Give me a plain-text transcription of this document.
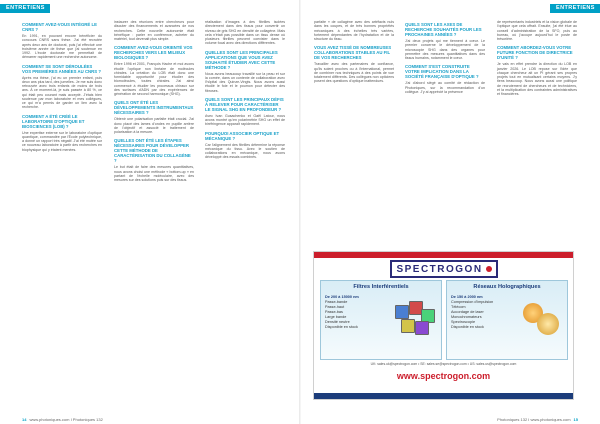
ENTRETIENS	ENTRETIENS
COMMENT AVEZ-VOUS INTÉGRÉ LE CNRS ?

En 1991, en pouvant encore bénéficier du concours CNRS sans thèse. J'ai été recrutée après deux ans de doctorat, puis j'ai effectué une troisième année de thèse que j'ai soutenue en 1992. L'école doctorale me permettait de démarrer rapidement une recherche autonome.

COMMENT SE SONT DÉROULÉES VOS PREMIÈRES ANNÉES AU CNRS ?

Après ma thèse, j'ai eu un premier enfant, puis deux ans plus tard, des jumelles. Je me suis donc retrouvée avec trois enfants de moins de trois ans. À ce moment-là, je suis passée à 80 %, ce qui était peu courant mais accepté. J'étais bien soutenue par mon laboratoire et mes collègues, ce qui m'a permis de garder un lien avec la recherche.

COMMENT A ÉTÉ CRÉÉ LE LABORATOIRE D'OPTIQUE ET BIOSCIENCES (LOB) ?

Une expertise externe sur le laboratoire d'optique quantique, commandée par l'École polytechnique, a donné un rapport très négatif. J'ai été mutée sur ce nouveau laboratoire à partir des recherches en biophysique qui y étaient menées.

instaurer des réunions entre chercheurs pour discuter des financements et avancées de nos recherches. Cette nouvelle autonomie était bénéfique : parler en conférence, acheter du matériel, tout devenait plus simple.

COMMENT AVEZ-VOUS ORIENTÉ VOS RECHERCHES VERS LES MILIEUX BIOLOGIQUES ?

Entre 1996 et 2001, François Hache et moi avons étudié l'optique non linéaire de molécules chirales. La création du LOB était donc une formidable opportunité pour étudier des biomolécules, toutes chirales. J'ai ainsi commencé à étudier les processus chiraux sur des surfaces d'ADN par des expériences de génération de second harmonique (SHG).

QUELS ONT ÉTÉ LES DÉVELOPPEMENTS INSTRUMENTAUX NÉCESSAIRES ?

Obtenir une polarisation parfaite était crucial. J'ai donc placé des lames d'ondes en pupille arrière de l'objectif et associé le traitement de polarisation à la mesure.

QUELLES ONT ÉTÉ LES ÉTAPES NÉCESSAIRES POUR DÉVELOPPER CETTE MÉTHODE DE CARACTÉRISATION DU COLLAGÈNE ?

Le but était de faire des mesures quantitatives, nous avons choisi une méthode « bottom-up » en partant de l'échelle moléculaire, avec des mesures sur des solutions puis sur des tissus.

réalisation d'images à des fibrilles isolées directement dans des tissus pour convertir un niveau de gris SHG en densité de collagène. Mais cela n'était pas possible dans un tissu dense où plusieurs fibrilles peuvent coexister dans le volume focal avec des directions différentes.

QUELLES SONT LES PRINCIPALES APPLICATIONS QUE VOUS AVEZ SOUHAITÉ ÉTUDIER AVEC CETTE MÉTHODE ?

Nous avons beaucoup travaillé sur la peau et sur la cornée, dans un contexte de collaboration avec l'hôpital des Quinze-Vingts. Nous avons aussi étudié le foie et le poumon pour détecter des fibroses.

QUELS SONT LES PRINCIPAUX DÉFIS À RELEVER POUR CARACTÉRISER LE SIGNAL SHG EN PROFONDEUR ?

Avec Ivan Gusachenko et Gaël Latour, nous avons montré qu'en polarimétrie SHG un effet de biréfringence apparaît rapidement.

POURQUOI ASSOCIER OPTIQUE ET MÉCANIQUE ?

Car l'alignement des fibrilles détermine la réponse mécanique du tissu. Avec le soutien de collaborations en mécanique, nous avons développé des essais combinés.

parfaite » de collagène avec des artéfacts nuls dans les coupes, et de très bonnes propriétés mécaniques à des échelles très variées, fortement dépendantes de l'hydratation et de la structure du tissu.

VOUS AVEZ TISSÉ DE NOMBREUSES COLLABORATIONS STABLES AU FIL DE VOS RECHERCHES

Travailler avec des partenaires de confiance, qu'ils soient proches ou à l'international, permet de combiner nos techniques à des points de vue totalement différents. Des collègues non opticiens posent des questions d'optique inattendues.

QUELS SONT LES AXES DE RECHERCHE SOUHAITÉS POUR LES PROCHAINES ANNÉES ?

J'ai deux projets qui me tiennent à cœur. Le premier concerne le développement de la microscopie SHG dans des organes pour permettre des mesures quantitatives dans des tissus humains, notamment le cœur.

COMMENT S'EST CONSTRUITE VOTRE IMPLICATION DANS LA SOCIÉTÉ FRANÇAISE D'OPTIQUE ?

J'ai d'abord siégé au comité de rédaction de Photoniques, sur la recommandation d'un collègue. J'y ai apprécié la présence

de représentants industriels et la vision globale de l'optique que cela offrait. Ensuite, j'ai été élue au conseil d'administration de la SFO, puis au bureau, où j'occupe aujourd'hui le poste de trésorière.

COMMENT ABORDEZ-VOUS VOTRE FUTURE FONCTION DE DIRECTRICE D'UNITÉ ?

Je vais en effet prendre la direction du LOB en janvier 2026. Le LOB repose sur l'idée que chaque chercheur ait un PI gérant ses propres projets tout en mutualisant certains moyens. J'y tiens beaucoup. Nous avons aussi une politique de recrutement de chercheurs et de techniciens, et la multiplication des contraintes administratives et financières.

SPECTROGON
Filtres Interférentiels
De 200 à 15000 nm
Passe-bande
Passe-haut
Passe-bas
Large bande
Densité neutre
Disponible en stock
Réseaux Holographiques
De 150 à 2000 nm
Compression d'impulsion
Télécom
Accordage de laser
Monochromateurs
Spectroscopie
Disponible en stock
UK: sales.uk@spectrogon.com • SE: sales.se@spectrogon.com • US: sales.us@spectrogon.com
www.spectrogon.com
14 www.photoniques.com I Photoniques 132	Photoniques 132 I www.photoniques.com 15
